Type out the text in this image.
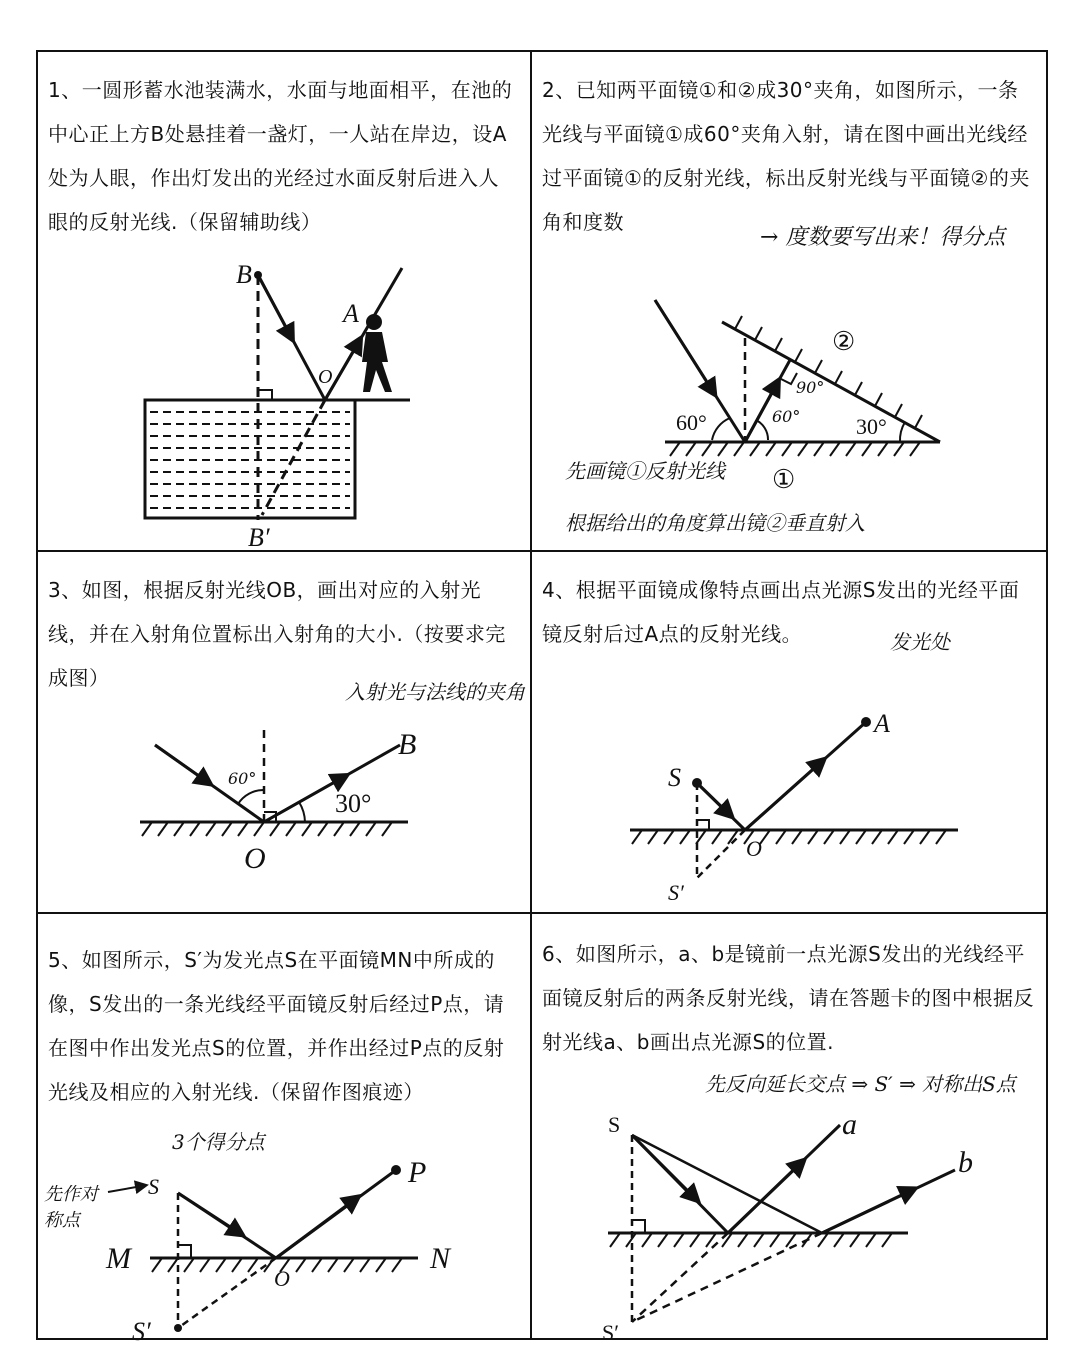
1、一圆形蓄水池装满水，水面与地面相平，在池的中心正上方B处悬挂着一盏灯，一人站在岸边，设A处为人眼，作出灯发出的光经过水面反射后进入人眼的反射光线.（保留辅助线）
B
A
O
B′
2、已知两平面镜①和②成30°夹角，如图所示，一条光线与平面镜①成60°夹角入射，请在图中画出光线经过平面镜①的反射光线，标出反射光线与平面镜②的夹角和度数
→ 度数要写出来！得分点
60°	60°
90°
30°
①
②
先画镜①反射光线
根据给出的角度算出镜②垂直射入
3、如图，根据反射光线OB，画出对应的入射光线，并在入射角位置标出入射角的大小.（按要求完成图）
入射光与法线的夹角
60°
30°
B
O
4、根据平面镜成像特点画出点光源S发出的光经平面镜反射后过A点的反射光线。	发光处
S
A
O
S′
5、如图所示，S′为发光点S在平面镜MN中所成的像，S发出的一条光线经平面镜反射后经过P点，请在图中作出发光点S的位置，并作出经过P点的反射光线及相应的入射光线.（保留作图痕迹）
3个得分点
先作对称点
S
S′
M	N
O
P
6、如图所示，a、b是镜前一点光源S发出的光线经平面镜反射后的两条反射光线，请在答题卡的图中根据反射光线a、b画出点光源S的位置.
先反向延长交点 ⇒ S′ ⇒ 对称出S点
S
S′
a
b
